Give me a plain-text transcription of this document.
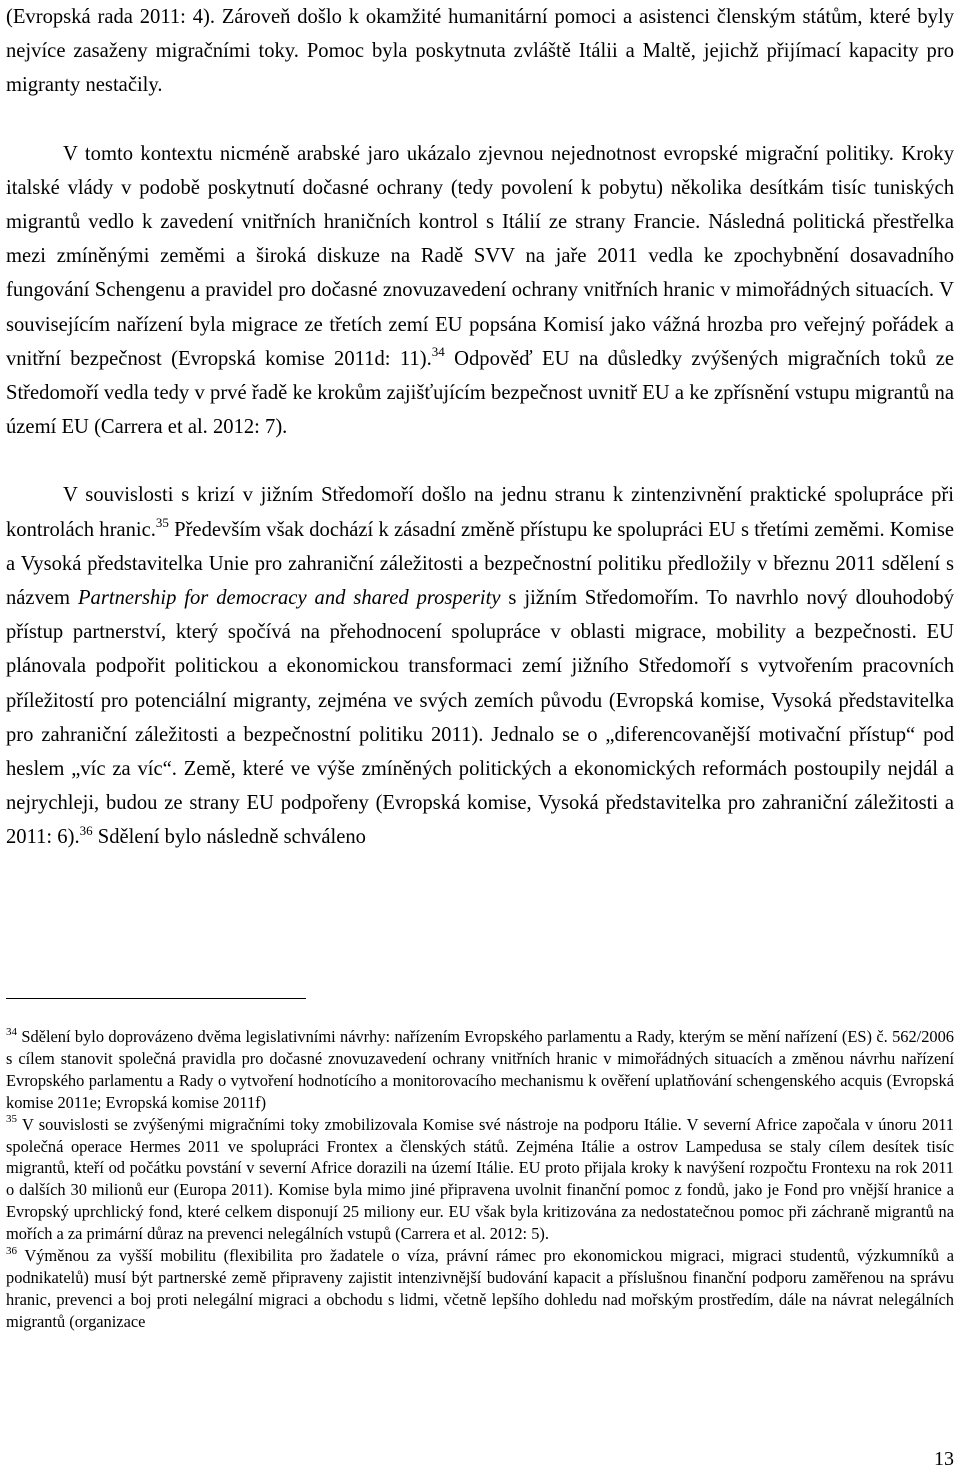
(Evropská rada 2011: 4). Zároveň došlo k okamžité humanitární pomoci a asistenci členským státům, které byly nejvíce zasaženy migračními toky. Pomoc byla poskytnuta zvláště Itálii a Maltě, jejichž přijímací kapacity pro migranty nestačily.

V tomto kontextu nicméně arabské jaro ukázalo zjevnou nejednotnost evropské migrační politiky. Kroky italské vlády v podobě poskytnutí dočasné ochrany (tedy povolení k pobytu) několika desítkám tisíc tuniských migrantů vedlo k zavedení vnitřních hraničních kontrol s Itálií ze strany Francie. Následná politická přestřelka mezi zmíněnými zeměmi a široká diskuze na Radě SVV na jaře 2011 vedla ke zpochybnění dosavadního fungování Schengenu a pravidel pro dočasné znovuzavedení ochrany vnitřních hranic v mimořádných situacích. V souvisejícím nařízení byla migrace ze třetích zemí EU popsána Komisí jako vážná hrozba pro veřejný pořádek a vnitřní bezpečnost (Evropská komise 2011d: 11).$^{34}$ Odpověď EU na důsledky zvýšených migračních toků ze Středomoří vedla tedy v prvé řadě ke krokům zajišťujícím bezpečnost uvnitř EU a ke zpřísnění vstupu migrantů na území EU (Carrera et al. 2012: 7).

V souvislosti s krizí v jižním Středomoří došlo na jednu stranu k zintenzivnění praktické spolupráce při kontrolách hranic.$^{35}$ Především však dochází k zásadní změně přístupu ke spolupráci EU s třetími zeměmi. Komise a Vysoká představitelka Unie pro zahraniční záležitosti a bezpečnostní politiku předložily v březnu 2011 sdělení s názvem Partnership for democracy and shared prosperity s jižním Středomořím. To navrhlo nový dlouhodobý přístup partnerství, který spočívá na přehodnocení spolupráce v oblasti migrace, mobility a bezpečnosti. EU plánovala podpořit politickou a ekonomickou transformaci zemí jižního Středomoří s vytvořením pracovních příležitostí pro potenciální migranty, zejména ve svých zemích původu (Evropská komise, Vysoká představitelka pro zahraniční záležitosti a bezpečnostní politiku 2011). Jednalo se o „diferencovanější motivační přístup“ pod heslem „víc za víc“. Země, které ve výše zmíněných politických a ekonomických reformách postoupily nejdál a nejrychleji, budou ze strany EU podpořeny (Evropská komise, Vysoká představitelka pro zahraniční záležitosti a 2011: 6).$^{36}$ Sdělení bylo následně schváleno

$^{34}$ Sdělení bylo doprovázeno dvěma legislativními návrhy: nařízením Evropského parlamentu a Rady, kterým se mění nařízení (ES) č. 562/2006 s cílem stanovit společná pravidla pro dočasné znovuzavedení ochrany vnitřních hranic v mimořádných situacích a změnou návrhu nařízení Evropského parlamentu a Rady o vytvoření hodnotícího a monitorovacího mechanismu k ověření uplatňování schengenského acquis (Evropská komise 2011e; Evropská komise 2011f)

$^{35}$ V souvislosti se zvýšenými migračními toky zmobilizovala Komise své nástroje na podporu Itálie. V severní Africe započala v únoru 2011 společná operace Hermes 2011 ve spolupráci Frontex a členských států. Zejména Itálie a ostrov Lampedusa se staly cílem desítek tisíc migrantů, kteří od počátku povstání v severní Africe dorazili na území Itálie. EU proto přijala kroky k navýšení rozpočtu Frontexu na rok 2011 o dalších 30 milionů eur (Europa 2011). Komise byla mimo jiné připravena uvolnit finanční pomoc z fondů, jako je Fond pro vnější hranice a Evropský uprchlický fond, které celkem disponují 25 miliony eur. EU však byla kritizována za nedostatečnou pomoc při záchraně migrantů na mořích a za primární důraz na prevenci nelegálních vstupů (Carrera et al. 2012: 5).

$^{36}$ Výměnou za vyšší mobilitu (flexibilita pro žadatele o víza, právní rámec pro ekonomickou migraci, migraci studentů, výzkumníků a podnikatelů) musí být partnerské země připraveny zajistit intenzivnější budování kapacit a příslušnou finanční podporu zaměřenou na správu hranic, prevenci a boj proti nelegální migraci a obchodu s lidmi, včetně lepšího dohledu nad mořským prostředím, dále na návrat nelegálních migrantů (organizace

13
